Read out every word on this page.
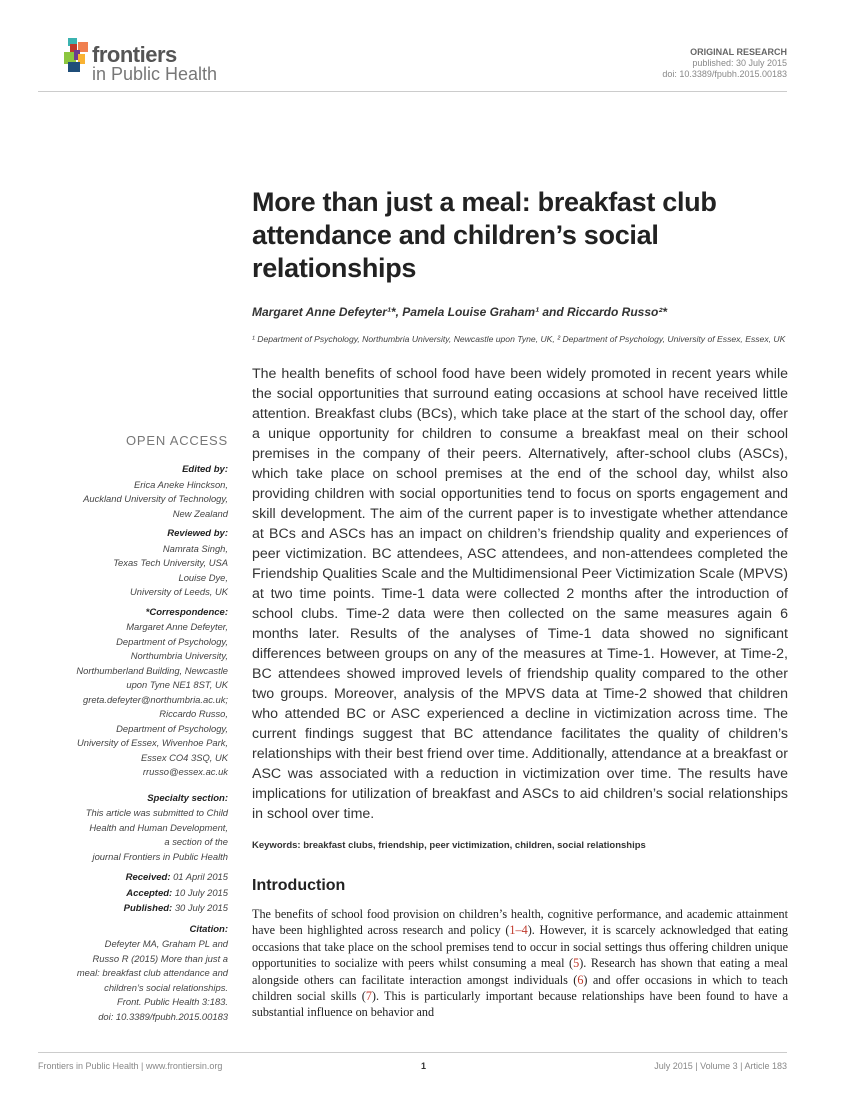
frontiers
in Public Health
ORIGINAL RESEARCH
published: 30 July 2015
doi: 10.3389/fpubh.2015.00183
More than just a meal: breakfast club attendance and children’s social relationships
Margaret Anne Defeyter¹*, Pamela Louise Graham¹ and Riccardo Russo²*
¹ Department of Psychology, Northumbria University, Newcastle upon Tyne, UK, ² Department of Psychology, University of Essex, Essex, UK

The health benefits of school food have been widely promoted in recent years while the social opportunities that surround eating occasions at school have received little attention. Breakfast clubs (BCs), which take place at the start of the school day, offer a unique opportunity for children to consume a breakfast meal on their school premises in the company of their peers. Alternatively, after-school clubs (ASCs), which take place on school premises at the end of the school day, whilst also providing children with social opportunities tend to focus on sports engagement and skill development. The aim of the current paper is to investigate whether attendance at BCs and ASCs has an impact on children’s friendship quality and experiences of peer victimization. BC attendees, ASC attendees, and non-attendees completed the Friendship Qualities Scale and the Multidimensional Peer Victimization Scale (MPVS) at two time points. Time-1 data were collected 2 months after the introduction of school clubs. Time-2 data were then collected on the same measures again 6 months later. Results of the analyses of Time-1 data showed no significant differences between groups on any of the measures at Time-1. However, at Time-2, BC attendees showed improved levels of friendship quality compared to the other two groups. Moreover, analysis of the MPVS data at Time-2 showed that children who attended BC or ASC experienced a decline in victimization across time. The current findings suggest that BC attendance facilitates the quality of children’s relationships with their best friend over time. Additionally, attendance at a breakfast or ASC was associated with a reduction in victimization over time. The results have implications for utilization of breakfast and ASCs to aid children’s social relationships in school over time.

Keywords: breakfast clubs, friendship, peer victimization, children, social relationships
Introduction

The benefits of school food provision on children’s health, cognitive performance, and academic attainment have been highlighted across research and policy (1–4). However, it is scarcely acknowledged that eating occasions that take place on the school premises tend to occur in social settings thus offering children unique opportunities to socialize with peers whilst consuming a meal (5). Research has shown that eating a meal alongside others can facilitate interaction amongst individuals (6) and offer occasions in which to teach children social skills (7). This is particularly important because relationships have been found to have a substantial influence on behavior and

OPEN ACCESS
Edited by:
Erica Aneke Hinckson,
Auckland University of Technology,
New Zealand
Reviewed by:
Namrata Singh,
Texas Tech University, USA
Louise Dye,
University of Leeds, UK
*Correspondence:
Margaret Anne Defeyter,
Department of Psychology,
Northumbria University,
Northumberland Building, Newcastle
upon Tyne NE1 8ST, UK
greta.defeyter@northumbria.ac.uk;
Riccardo Russo,
Department of Psychology,
University of Essex, Wivenhoe Park,
Essex CO4 3SQ, UK
rrusso@essex.ac.uk
Specialty section:
This article was submitted to Child
Health and Human Development,
a section of the
journal Frontiers in Public Health
Received: 01 April 2015
Accepted: 10 July 2015
Published: 30 July 2015
Citation:
Defeyter MA, Graham PL and
Russo R (2015) More than just a
meal: breakfast club attendance and
children’s social relationships.
Front. Public Health 3:183.
doi: 10.3389/fpubh.2015.00183
Frontiers in Public Health | www.frontiersin.org	1	July 2015 | Volume 3 | Article 183
